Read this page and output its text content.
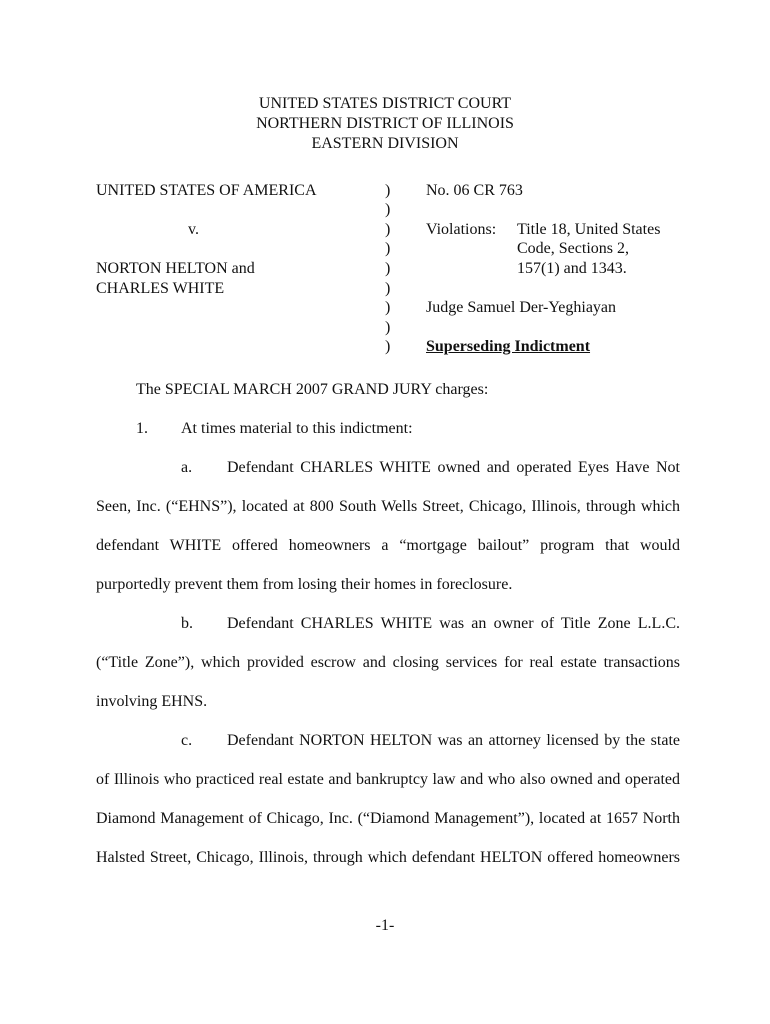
UNITED STATES DISTRICT COURT
NORTHERN DISTRICT OF ILLINOIS
EASTERN DIVISION
UNITED STATES OF AMERICA
v.
NORTON HELTON and
CHARLES WHITE
)
)
)
)
)
)
)
)
)
No. 06 CR 763
Violations: Title 18, United States
Code, Sections 2,
157(1) and 1343.
Judge Samuel Der-Yeghiayan
Superseding Indictment
The SPECIAL MARCH 2007 GRAND JURY charges:
1. At times material to this indictment:
a. Defendant CHARLES WHITE owned and operated Eyes Have Not
Seen, Inc. (“EHNS”), located at 800 South Wells Street, Chicago, Illinois, through which
defendant WHITE offered homeowners a “mortgage bailout” program that would
purportedly prevent them from losing their homes in foreclosure.
b. Defendant CHARLES WHITE was an owner of Title Zone L.L.C.
(“Title Zone”), which provided escrow and closing services for real estate transactions
involving EHNS.
c. Defendant NORTON HELTON was an attorney licensed by the state
of Illinois who practiced real estate and bankruptcy law and who also owned and operated
Diamond Management of Chicago, Inc. (“Diamond Management”), located at 1657 North
Halsted Street, Chicago, Illinois, through which defendant HELTON offered homeowners
-1-
